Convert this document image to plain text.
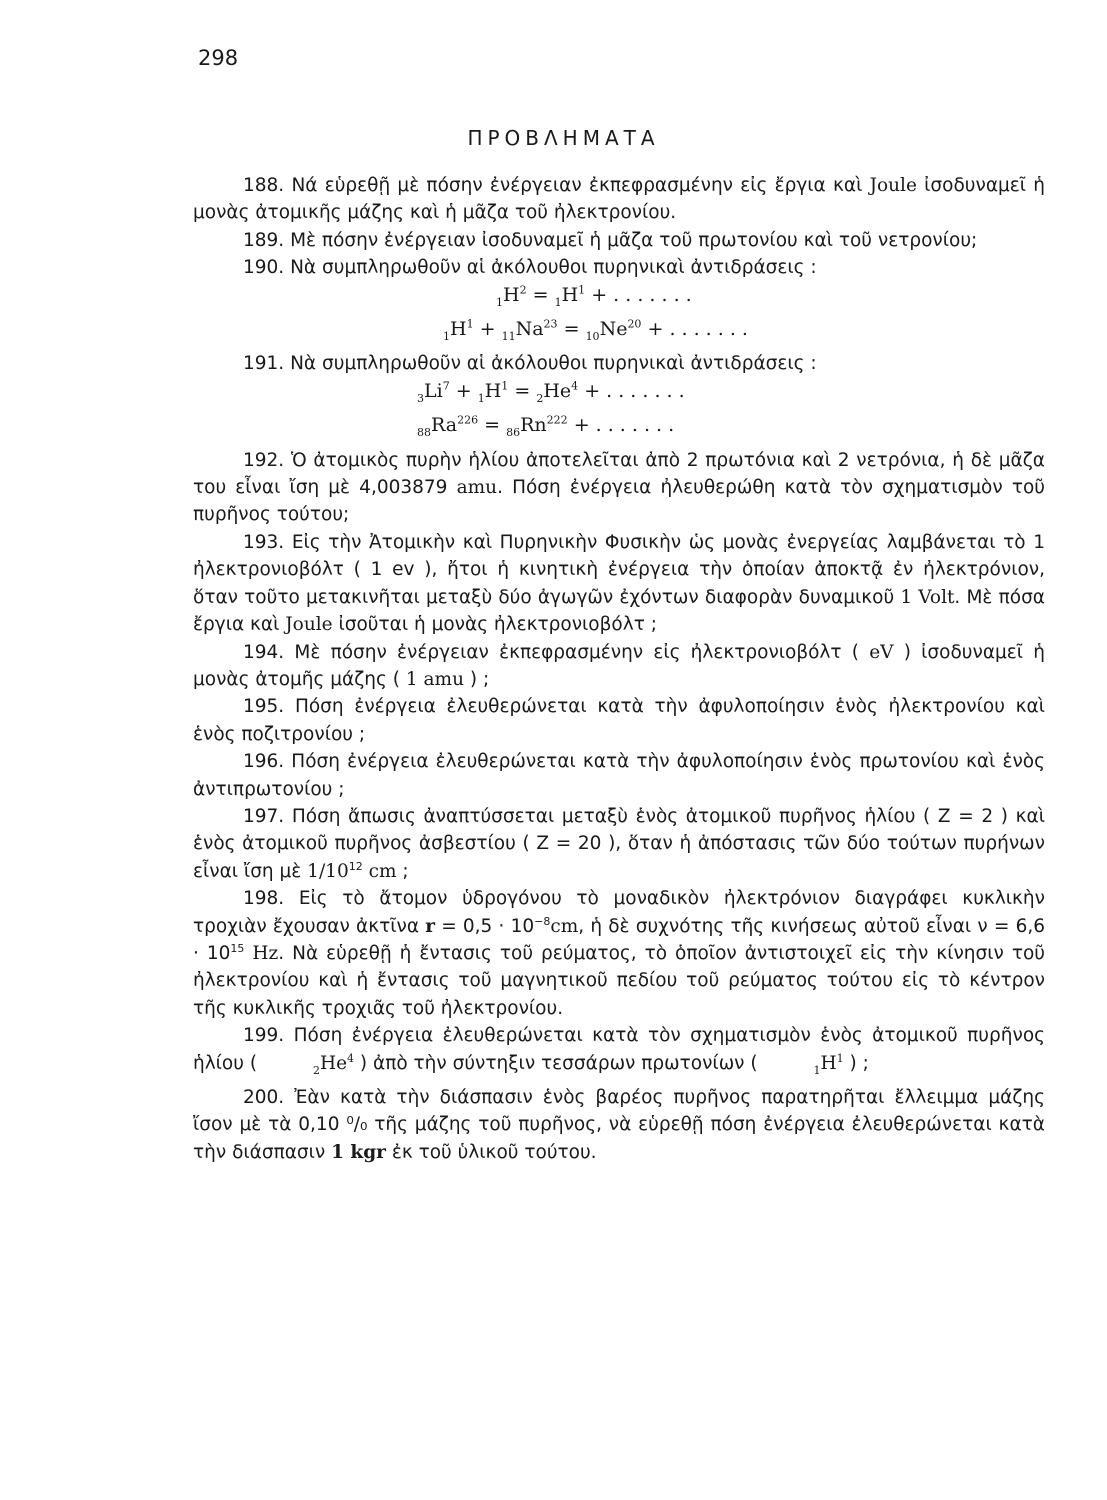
298
ΠΡΟΒΛΗΜΑΤΑ

188. Νά εὑρεθῇ μὲ πόσην ἐνέργειαν ἐκπεφρασμένην εἰς ἔργια καὶ Joule ἰσοδυναμεῖ ἡ μονὰς ἀτομικῆς μάζης καὶ ἡ μᾶζα τοῦ ἠλεκτρονίου.

189. Μὲ πόσην ἐνέργειαν ἰσοδυναμεῖ ἡ μᾶζα τοῦ πρωτονίου καὶ τοῦ νετρονίου;

190. Νὰ συμπληρωθοῦν αἱ ἀκόλουθοι πυρηνικαὶ ἀντιδράσεις :

$1H^2 = 1H^1$ + . . . . . . .
$1H^1 + 11Na^{23} = 10Ne^{20}$ + . . . . . . .

191. Νὰ συμπληρωθοῦν αἱ ἀκόλουθοι πυρηνικαὶ ἀντιδράσεις :

$3Li^7 + 1H^1 = 2He^4$ + . . . . . . .
$88Ra^{226} = 86Rn^{222}$ + . . . . . . .

192. Ὁ ἀτομικὸς πυρὴν ἡλίου ἀποτελεῖται ἀπὸ 2 πρωτόνια καὶ 2 νετρόνια, ἡ δὲ μᾶζα του εἶναι ἴση μὲ 4,003879 amu. Πόση ἐνέργεια ἠλευθερώθη κατὰ τὸν σχηματισμὸν τοῦ πυρῆνος τούτου;

193. Εἰς τὴν Ἀτομικὴν καὶ Πυρηνικὴν Φυσικὴν ὡς μονὰς ἐνεργείας λαμβάνεται τὸ 1 ἠλεκτρονιοβόλτ ( 1 ev ), ἤτοι ἡ κινητικὴ ἐνέργεια τὴν ὁποίαν ἀποκτᾷ ἐν ἠλεκτρόνιον, ὅταν τοῦτο μετακινῆται μεταξὺ δύο ἀγωγῶν ἐχόντων διαφορὰν δυναμικοῦ 1 Volt. Μὲ πόσα ἔργια καὶ Joule ἰσοῦται ἡ μονὰς ἠλεκτρονιοβόλτ ;

194. Μὲ πόσην ἐνέργειαν ἐκπεφρασμένην εἰς ἠλεκτρονιοβόλτ ( eV ) ἰσοδυναμεῖ ἡ μονὰς ἀτομῆς μάζης ( 1 amu ) ;

195. Πόση ἐνέργεια ἐλευθερώνεται κατὰ τὴν ἀφυλοποίησιν ἑνὸς ἠλεκτρονίου καὶ ἑνὸς ποζιτρονίου ;

196. Πόση ἐνέργεια ἐλευθερώνεται κατὰ τὴν ἀφυλοποίησιν ἑνὸς πρωτονίου καὶ ἑνὸς ἀντιπρωτονίου ;

197. Πόση ἄπωσις ἀναπτύσσεται μεταξὺ ἑνὸς ἀτομικοῦ πυρῆνος ἡλίου ( Z = 2 ) καὶ ἑνὸς ἀτομικοῦ πυρῆνος ἀσβεστίου ( Z = 20 ), ὅταν ἡ ἀπόστασις τῶν δύο τούτων πυρήνων εἶναι ἴση μὲ $1/10^{12}$ cm ;

198. Εἰς τὸ ἄτομον ὑδρογόνου τὸ μοναδικὸν ἠλεκτρόνιον διαγράφει κυκλικὴν τροχιὰν ἔχουσαν ἀκτῖνα $r = 0,5 \cdot 10^{-8}cm$, ἡ δὲ συχνότης τῆς κινήσεως αὐτοῦ εἶναι $\nu = 6,6 \cdot 10^{15}$ Hz. Νὰ εὑρεθῇ ἡ ἔντασις τοῦ ρεύματος, τὸ ὁποῖον ἀντιστοιχεῖ εἰς τὴν κίνησιν τοῦ ἠλεκτρονίου καὶ ἡ ἔντασις τοῦ μαγνητικοῦ πεδίου τοῦ ρεύματος τούτου εἰς τὸ κέντρον τῆς κυκλικῆς τροχιᾶς τοῦ ἠλεκτρονίου.

199. Πόση ἐνέργεια ἐλευθερώνεται κατὰ τὸν σχηματισμὸν ἑνὸς ἀτομικοῦ πυρῆνος ἡλίου (	2He$^4$ ) ἀπὸ τὴν σύντηξιν τεσσάρων πρωτονίων (	$1H^1$ ) ;

200. Ἐὰν κατὰ τὴν διάσπασιν ἑνὸς βαρέος πυρῆνος παρατηρῆται ἔλλειμμα μάζης ἴσον μὲ τὰ 0,10 ⁰/₀ τῆς μάζης τοῦ πυρῆνος, νὰ εὑρεθῇ πόση ἐνέργεια ἐλευθερώνεται κατὰ τὴν διάσπασιν 1 kgr ἐκ τοῦ ὑλικοῦ τούτου.
